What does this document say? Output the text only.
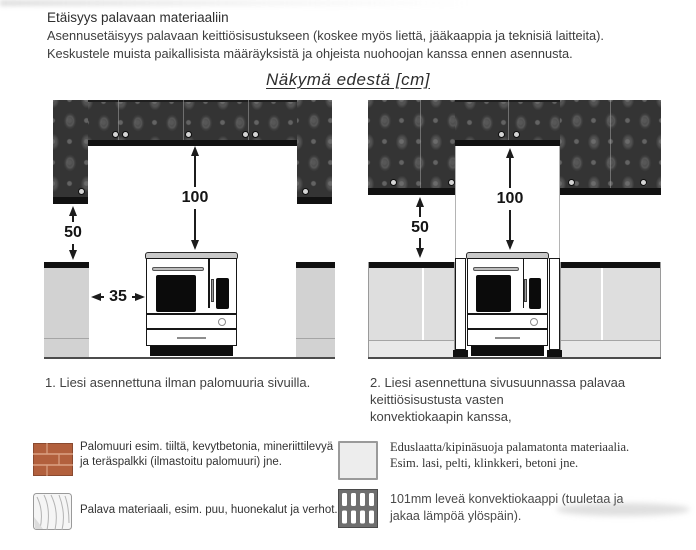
Etäisyys palavaan materiaaliin
Asennusetäisyys palavaan keittiösisustukseen (koskee myös liettä, jääkaappia ja teknisiä laitteita).
Keskustele muista paikallisista määräyksistä ja ohjeista nuohoojan kanssa ennen asennusta.
Näkymä edestä [cm]
100
50
35
100
50
1. Liesi asennettuna ilman palomuuria sivuilla.	2. Liesi asennettuna sivusuunnassa palavaa
keittiösisustusta vasten
konvektiokaapin kanssa,
Palomuuri esim. tiiltä, kevytbetonia, mineriittilevyä
ja teräspalkki (ilmastoitu palomuuri) jne.
Eduslaatta/kipinäsuoja palamatonta materiaalia.
Esim. lasi, pelti, klinkkeri, betoni jne.
Palava materiaali, esim. puu, huonekalut ja verhot.
101mm leveä konvektiokaappi (tuuletaa ja
jakaa lämpöä ylöspäin).
